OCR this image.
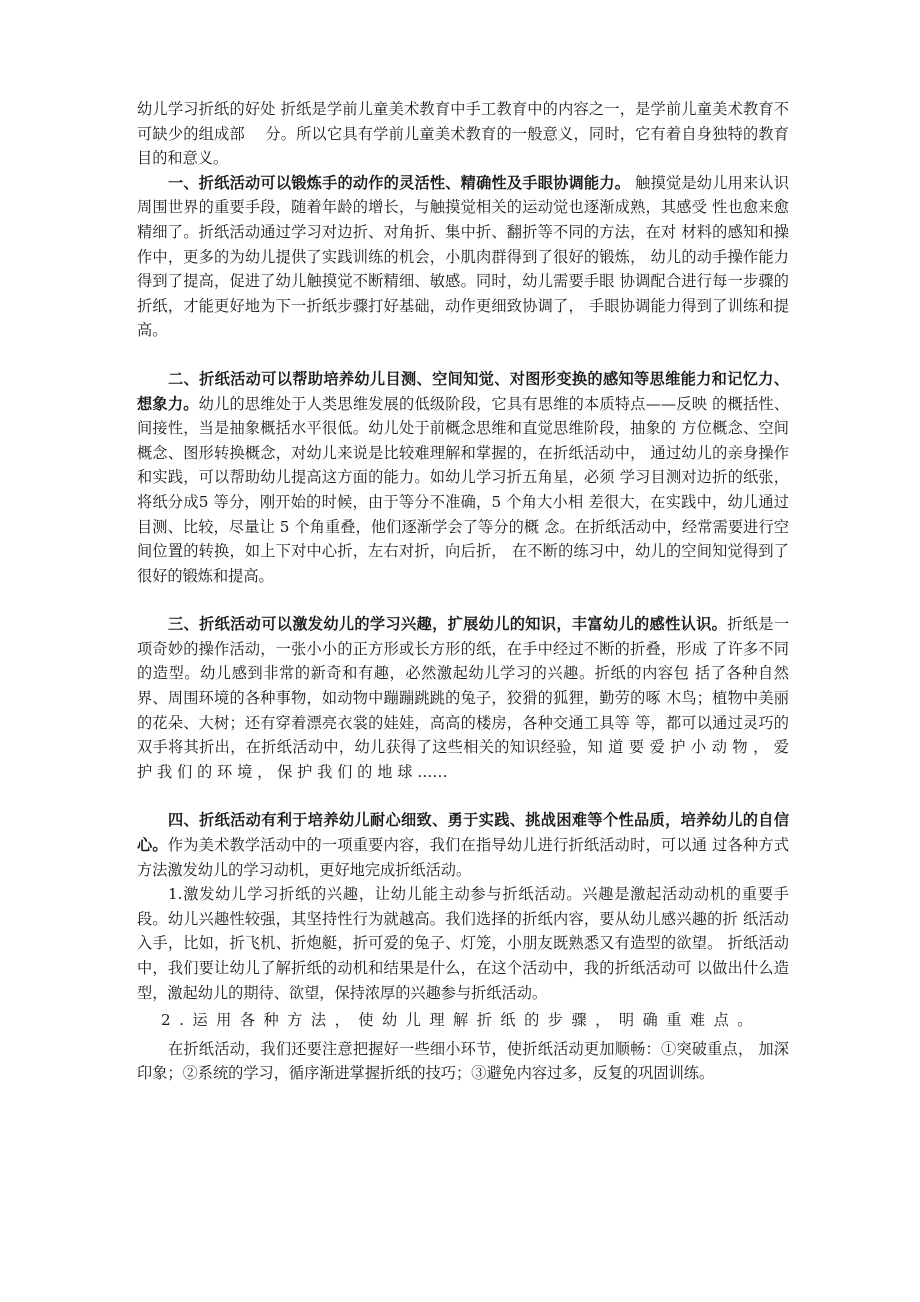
幼儿学习折纸的好处 折纸是学前儿童美术教育中手工教育中的内容之一，是学前儿童美术教育不可缺少的组成部　 分。所以它具有学前儿童美术教育的一般意义，同时，它有着自身独特的教育目的和意义。

一、折纸活动可以锻炼手的动作的灵活性、精确性及手眼协调能力。 触摸觉是幼儿用来认识周围世界的重要手段，随着年龄的增长，与触摸觉相关的运动觉也逐渐成熟，其感受 性也愈来愈精细了。折纸活动通过学习对边折、对角折、集中折、翻折等不同的方法，在对 材料的感知和操作中，更多的为幼儿提供了实践训练的机会，小肌肉群得到了很好的锻炼， 幼儿的动手操作能力得到了提高，促进了幼儿触摸觉不断精细、敏感。同时，幼儿需要手眼 协调配合进行每一步骤的折纸，才能更好地为下一折纸步骤打好基础，动作更细致协调了， 手眼协调能力得到了训练和提高。

二、折纸活动可以帮助培养幼儿目测、空间知觉、对图形变换的感知等思维能力和记忆力、想象力。幼儿的思维处于人类思维发展的低级阶段，它具有思维的本质特点——反映 的概括性、间接性，当是抽象概括水平很低。幼儿处于前概念思维和直觉思维阶段，抽象的 方位概念、空间概念、图形转换概念，对幼儿来说是比较难理解和掌握的，在折纸活动中， 通过幼儿的亲身操作和实践，可以帮助幼儿提高这方面的能力。如幼儿学习折五角星，必须 学习目测对边折的纸张，将纸分成5 等分，刚开始的时候，由于等分不准确，5 个角大小相 差很大，在实践中，幼儿通过目测、比较，尽量让 5 个角重叠，他们逐渐学会了等分的概 念。在折纸活动中，经常需要进行空间位置的转换，如上下对中心折，左右对折，向后折， 在不断的练习中，幼儿的空间知觉得到了很好的锻炼和提高。

三、折纸活动可以激发幼儿的学习兴趣，扩展幼儿的知识，丰富幼儿的感性认识。折纸是一项奇妙的操作活动，一张小小的正方形或长方形的纸，在手中经过不断的折叠，形成 了许多不同的造型。幼儿感到非常的新奇和有趣，必然激起幼儿学习的兴趣。折纸的内容包 括了各种自然界、周围环境的各种事物，如动物中蹦蹦跳跳的兔子，狡猾的狐狸，勤劳的啄 木鸟；植物中美丽的花朵、大树；还有穿着漂亮衣裳的娃娃，高高的楼房，各种交通工具等 等，都可以通过灵巧的双手将其折出，在折纸活动中，幼儿获得了这些相关的知识经验，知 道 要 爱 护 小 动 物 ， 爱 护 我 们 的 环 境 ， 保 护 我 们 的 地 球 ……

四、折纸活动有利于培养幼儿耐心细致、勇于实践、挑战困难等个性品质，培养幼儿的自信心。作为美术教学活动中的一项重要内容，我们在指导幼儿进行折纸活动时，可以通 过各种方式方法激发幼儿的学习动机，更好地完成折纸活动。

1.激发幼儿学习折纸的兴趣，让幼儿能主动参与折纸活动。兴趣是激起活动动机的重要手段。幼儿兴趣性较强，其坚持性行为就越高。我们选择的折纸内容，要从幼儿感兴趣的折 纸活动入手，比如，折飞机、折炮艇，折可爱的兔子、灯笼，小朋友既熟悉又有造型的欲望。 折纸活动中，我们要让幼儿了解折纸的动机和结果是什么，在这个活动中，我的折纸活动可 以做出什么造型，激起幼儿的期待、欲望，保持浓厚的兴趣参与折纸活动。

2.运用各种方法，使幼儿理解折纸的步骤，明确重难点。

在折纸活动，我们还要注意把握好一些细小环节，使折纸活动更加顺畅：①突破重点， 加深印象；②系统的学习，循序渐进掌握折纸的技巧；③避免内容过多，反复的巩固训练。
